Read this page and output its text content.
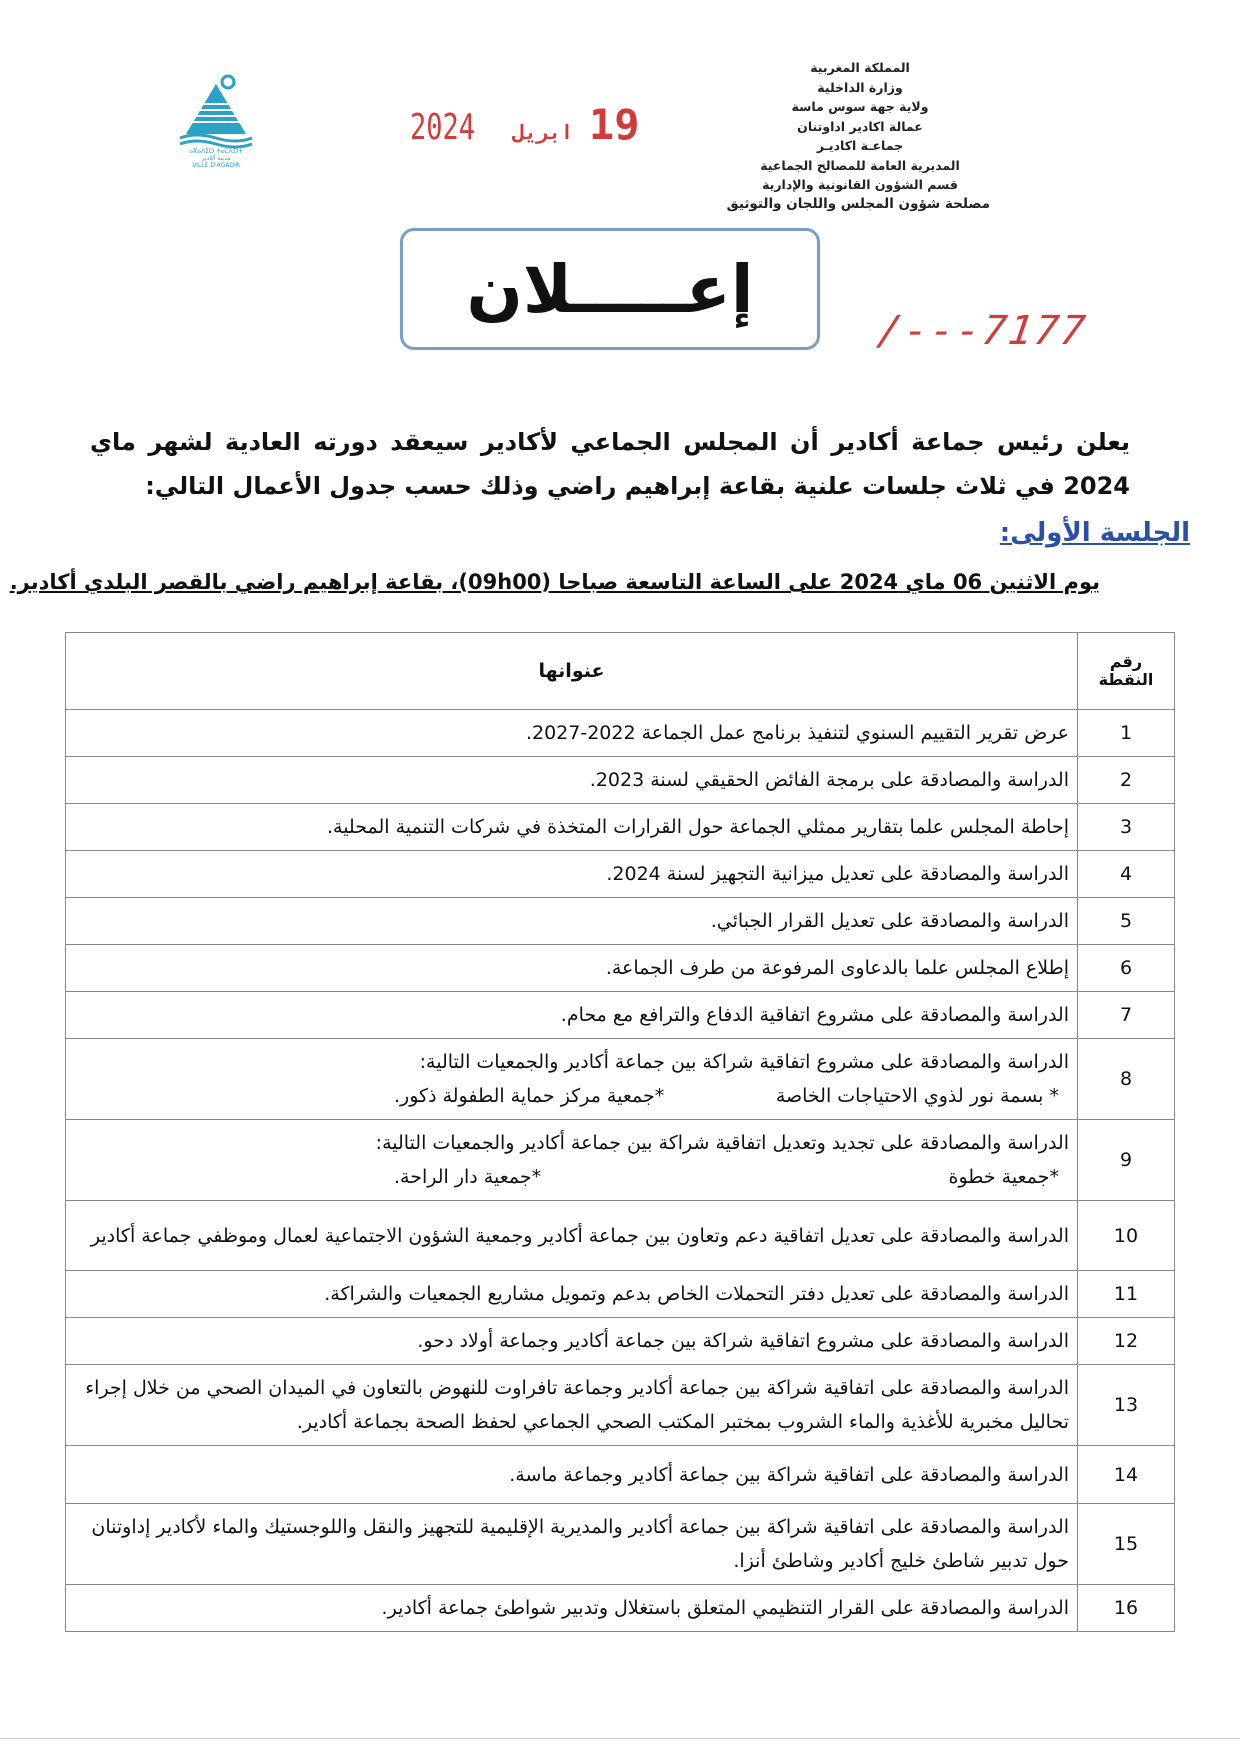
المملكة المغربية
وزارة الداخلية
ولاية جهة سوس ماسة
عمالة اكادير اداوتنان
جماعـة اكاديـر
المديرية العامة للمصالح الجماعية
قسم الشؤون القانونية والإدارية
مصلحة شؤون المجلس واللجان والتوثيق
2024 ابريل 19
ⴰⴳⴰⴷⵉⵔ ⵜⴰⵎⴷⵉⵏⵜ
مدينة أكادير
VILLE D'AGADIR
إعـــــلان
/---7177
يعلن رئيس جماعة أكادير أن المجلس الجماعي لأكادير سيعقد دورته العادية لشهر ماي 2024 في ثلاث جلسات علنية بقاعة إبراهيم راضي وذلك حسب جدول الأعمال التالي:
الجلسة الأولى:
يوم الاثنين 06 ماي 2024 على الساعة التاسعة صباحا (09h00)، بقاعة إبراهيم راضي بالقصر البلدي أكادير.
رقم النقطة	عنوانها
1	عرض تقرير التقييم السنوي لتنفيذ برنامج عمل الجماعة 2022-2027.
2	الدراسة والمصادقة على برمجة الفائض الحقيقي لسنة 2023.
3	إحاطة المجلس علما بتقارير ممثلي الجماعة حول القرارات المتخذة في شركات التنمية المحلية.
4	الدراسة والمصادقة على تعديل ميزانية التجهيز لسنة 2024.
5	الدراسة والمصادقة على تعديل القرار الجبائي.
6	إطلاع المجلس علما بالدعاوى المرفوعة من طرف الجماعة.
7	الدراسة والمصادقة على مشروع اتفاقية الدفاع والترافع مع محام.
8	الدراسة والمصادقة على مشروع اتفاقية شراكة بين جماعة أكادير والجمعيات التالية:
* بسمة نور لذوي الاحتياجات الخاصة
*جمعية مركز حماية الطفولة ذكور.

9	الدراسة والمصادقة على تجديد وتعديل اتفاقية شراكة بين جماعة أكادير والجمعيات التالية:
*جمعية خطوة
*جمعية دار الراحة.

10	الدراسة والمصادقة على تعديل اتفاقية دعم وتعاون بين جماعة أكادير وجمعية الشؤون الاجتماعية لعمال وموظفي جماعة أكادير
11	الدراسة والمصادقة على تعديل دفتر التحملات الخاص بدعم وتمويل مشاريع الجمعيات والشراكة.
12	الدراسة والمصادقة على مشروع اتفاقية شراكة بين جماعة أكادير وجماعة أولاد دحو.
13	الدراسة والمصادقة على اتفاقية شراكة بين جماعة أكادير وجماعة تافراوت للنهوض بالتعاون في الميدان الصحي من خلال إجراء تحاليل مخبرية للأغذية والماء الشروب بمختبر المكتب الصحي الجماعي لحفظ الصحة بجماعة أكادير.
14	الدراسة والمصادقة على اتفاقية شراكة بين جماعة أكادير وجماعة ماسة.
15	الدراسة والمصادقة على اتفاقية شراكة بين جماعة أكادير والمديرية الإقليمية للتجهيز والنقل واللوجستيك والماء لأكادير إداوتنان حول تدبير شاطئ خليج أكادير وشاطئ أنزا.
16	الدراسة والمصادقة على القرار التنظيمي المتعلق باستغلال وتدبير شواطئ جماعة أكادير.
